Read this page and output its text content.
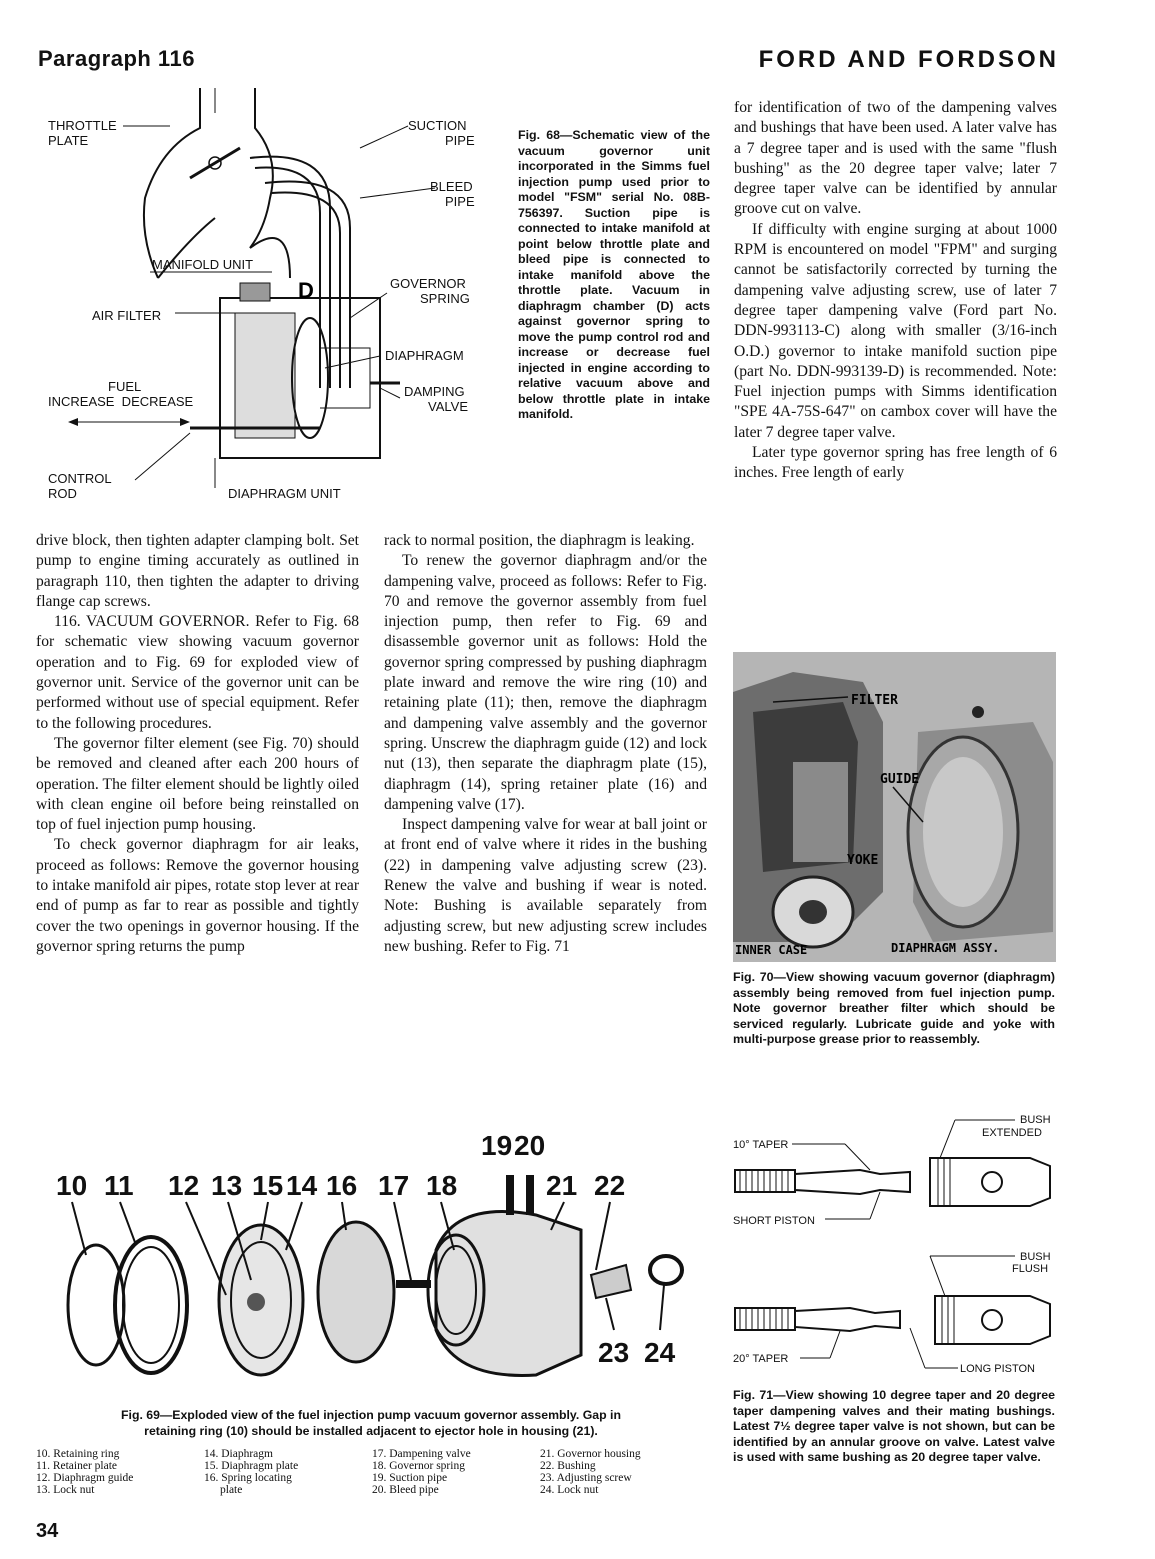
Paragraph 116	FORD AND FORDSON
THROTTLE
PLATE
SUCTION
PIPE
BLEED
PIPE
MANIFOLD UNIT
D	GOVERNOR
SPRING
AIR FILTER
DIAPHRAGM
FUEL
INCREASE  DECREASE
DAMPING
VALVE
CONTROL
ROD	DIAPHRAGM UNIT
Fig. 68—Schematic view of the vacuum governor unit incorporated in the Simms fuel injection pump used prior to model "FSM" serial No. 08B-756397. Suction pipe is connected to intake manifold at point below throttle plate and bleed pipe is connected to intake manifold above the throttle plate. Vacuum in diaphragm chamber (D) acts against governor spring to move the pump control rod and increase or decrease fuel injected in engine according to relative vacuum above and below throttle plate in intake manifold.

drive block, then tighten adapter clamping bolt. Set pump to engine timing accurately as outlined in paragraph 110, then tighten the adapter to driving flange cap screws.

116. VACUUM GOVERNOR. Refer to Fig. 68 for schematic view showing vacuum governor operation and to Fig. 69 for exploded view of governor unit. Service of the governor unit can be performed without use of special equipment. Refer to the following procedures.

The governor filter element (see Fig. 70) should be removed and cleaned after each 200 hours of operation. The filter element should be lightly oiled with clean engine oil before being reinstalled on top of fuel injection pump housing.

To check governor diaphragm for air leaks, proceed as follows: Remove the governor housing to intake manifold air pipes, rotate stop lever at rear end of pump as far to rear as possible and tightly cover the two openings in governor housing. If the governor spring returns the pump

rack to normal position, the diaphragm is leaking.

To renew the governor diaphragm and/or the dampening valve, proceed as follows: Refer to Fig. 70 and remove the governor assembly from fuel injection pump, then refer to Fig. 69 and disassemble governor unit as follows: Hold the governor spring compressed by pushing diaphragm plate inward and remove the wire ring (10) and retaining plate (11); then, remove the diaphragm and dampening valve assembly and the governor spring. Unscrew the diaphragm guide (12) and lock nut (13), then separate the diaphragm plate (15), diaphragm (14), spring retainer plate (16) and dampening valve (17).

Inspect dampening valve for wear at ball joint or at front end of valve where it rides in the bushing (22) in dampening valve adjusting screw (23). Renew the valve and bushing if wear is noted. Note: Bushing is available separately from adjusting screw, but new adjusting screw includes new bushing. Refer to Fig. 71

for identification of two of the dampening valves and bushings that have been used. A later valve has a 7 degree taper and is used with the same "flush bushing" as the 20 degree taper valve; later 7 degree taper valve can be identified by annular groove cut on valve.

If difficulty with engine surging at about 1000 RPM is encountered on model "FPM" and surging cannot be satisfactorily corrected by turning the dampening valve adjusting screw, use of later 7 degree taper dampening valve (Ford part No. DDN-993113-C) along with smaller (3/16-inch O.D.) governor to intake manifold suction pipe (part No. DDN-993139-D) is recommended. Note: Fuel injection pumps with Simms identification "SPE 4A-75S-647" on cambox cover will have the later 7 degree taper valve.

Later type governor spring has free length of 6 inches. Free length of early

FILTER
GUIDE
YOKE
INNER CASE	DIAPHRAGM ASSY.
Fig. 70—View showing vacuum governor (diaphragm) assembly being removed from fuel injection pump. Note governor breather filter which should be serviced regularly. Lubricate guide and yoke with multi-purpose grease prior to reassembly.
19 20
10 11 12 13 15 14 16 17 18	21 22
23 24
Fig. 69—Exploded view of the fuel injection pump vacuum governor assembly. Gap in
retaining ring (10) should be installed adjacent to ejector hole in housing (21).
10. Retaining ring
11. Retainer plate
12. Diaphragm guide
13. Lock nut
14. Diaphragm
15. Diaphragm plate
16. Spring locating
plate
17. Dampening valve
18. Governor spring
19. Suction pipe
20. Bleed pipe
21. Governor housing
22. Bushing
23. Adjusting screw
24. Lock nut
BUSH
EXTENDED
10° TAPER
SHORT PISTON
BUSH
FLUSH
20° TAPER
LONG PISTON
Fig. 71—View showing 10 degree taper and 20 degree taper dampening valves and their mating bushings. Latest 7½ degree taper valve is not shown, but can be identified by an annular groove on valve. Latest valve is used with same bushing as 20 degree taper valve.
34
